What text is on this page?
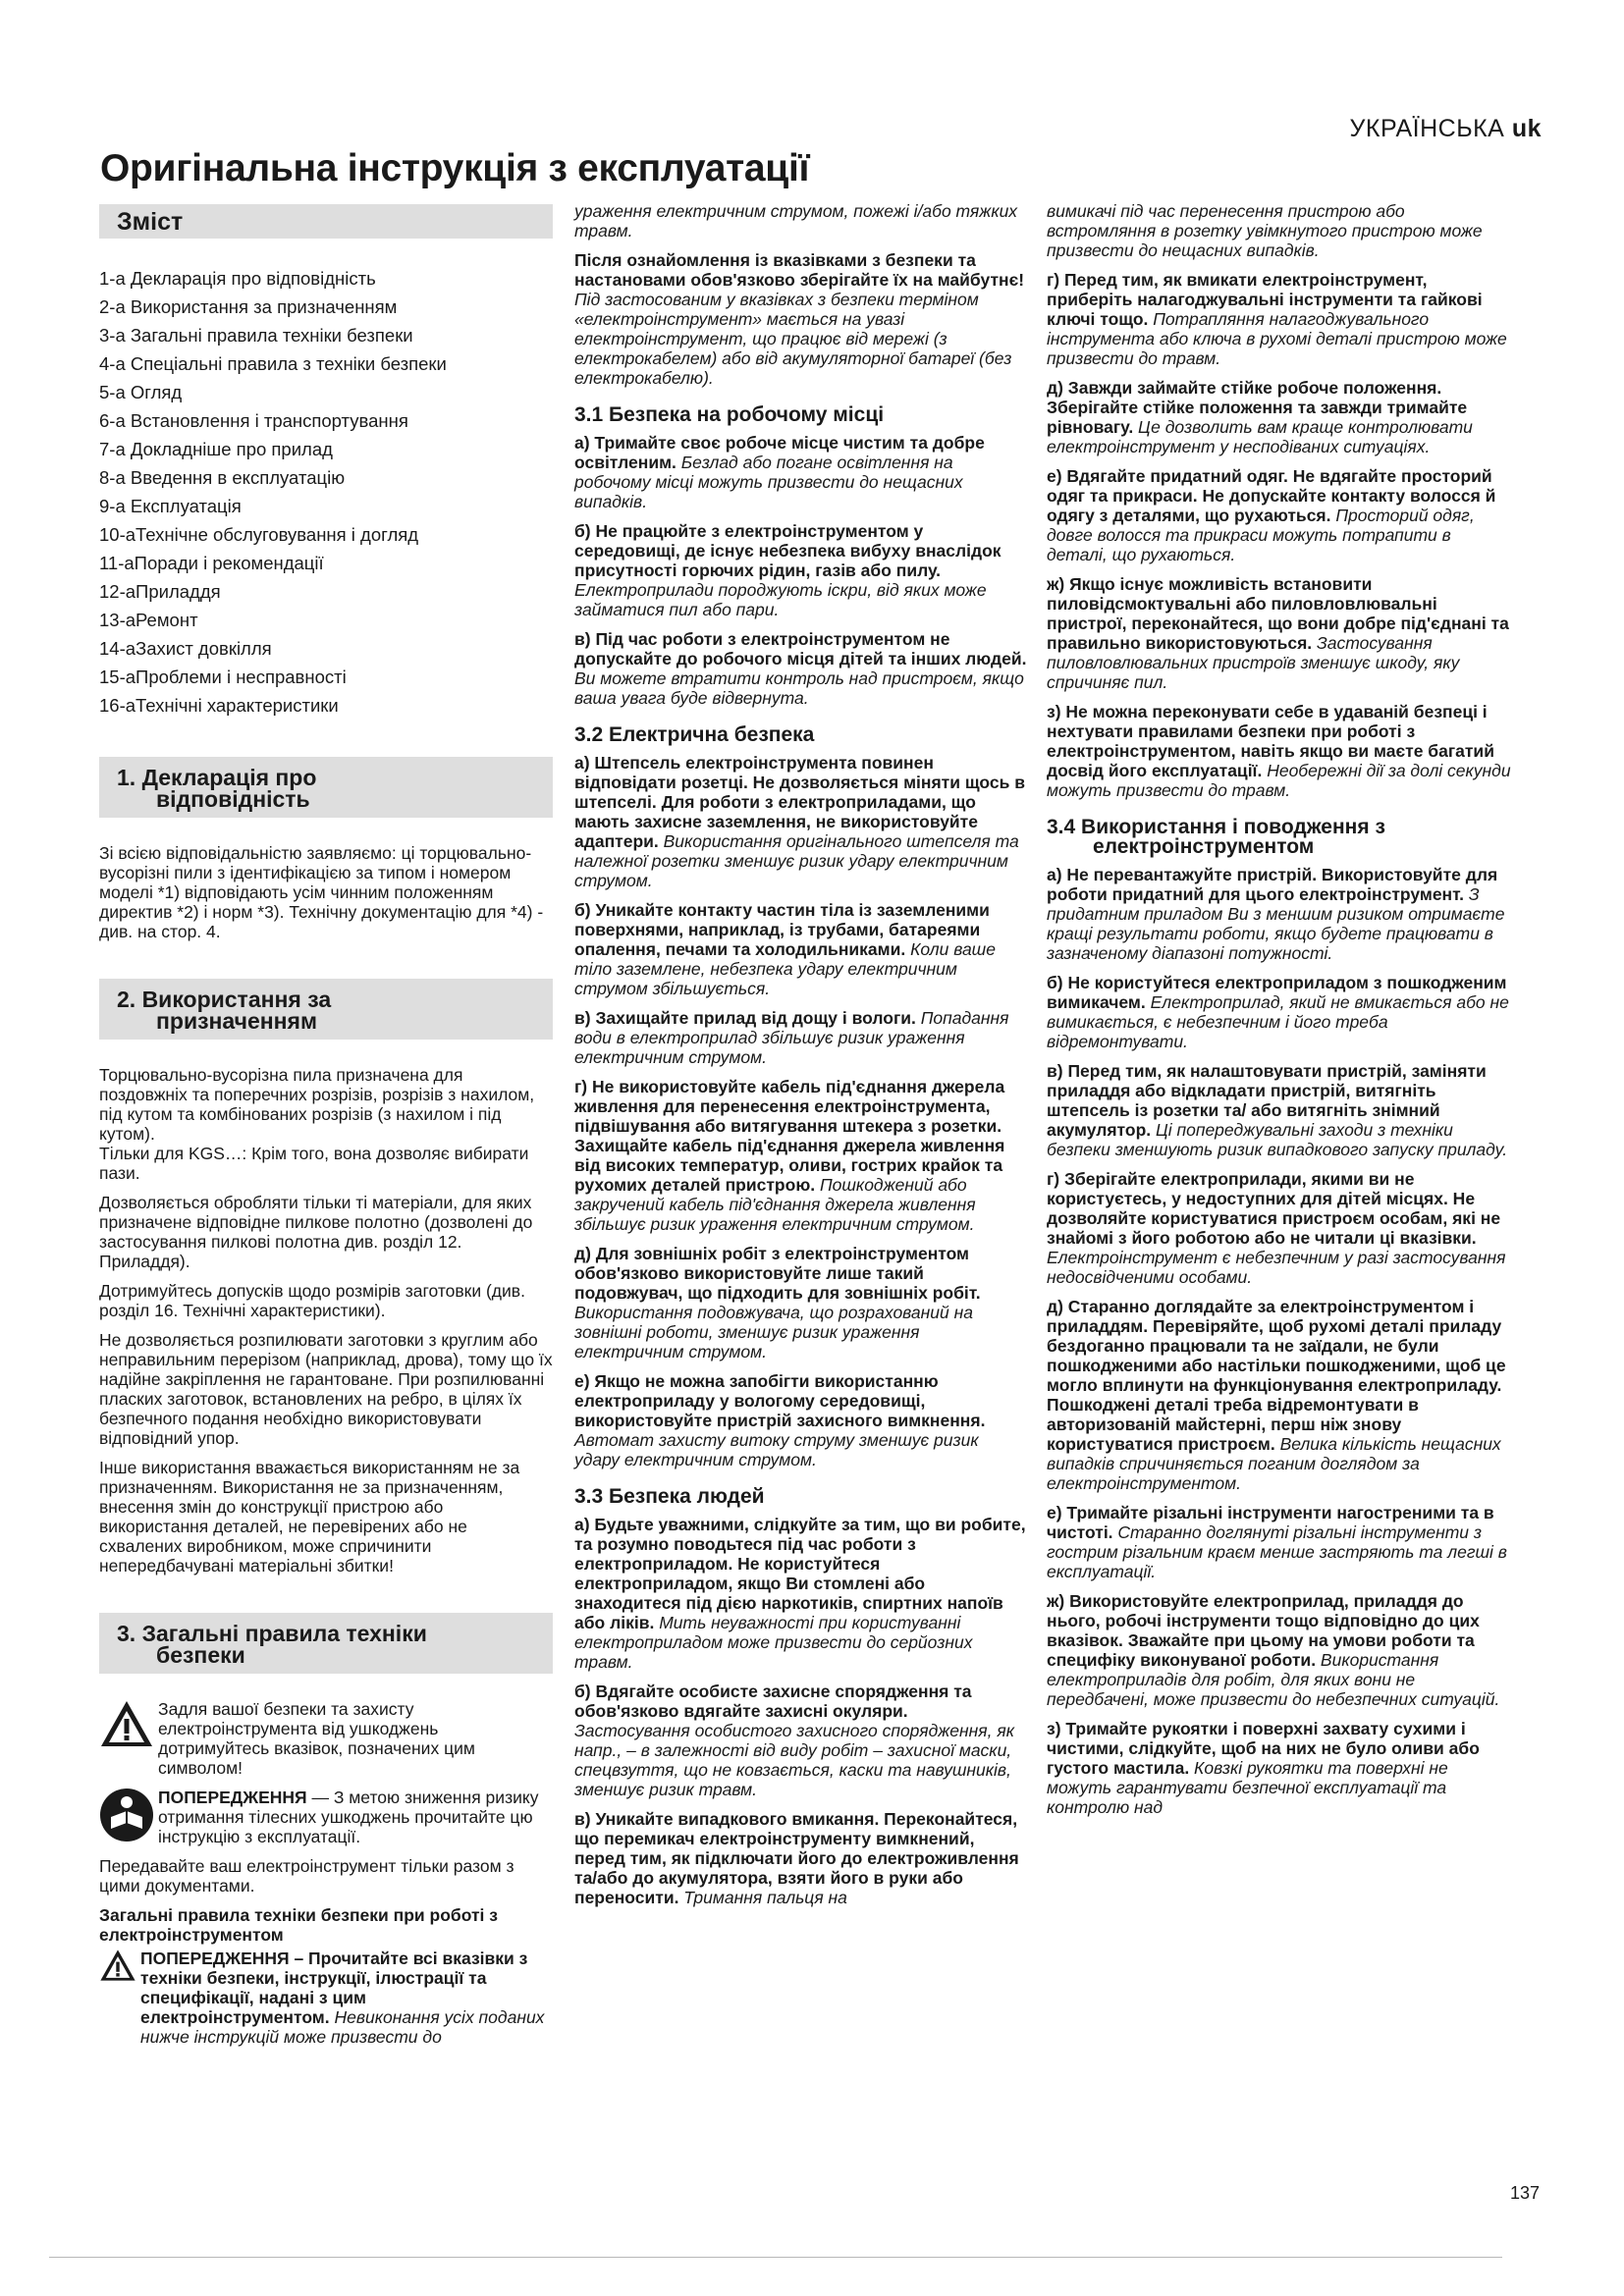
УКРАЇНСЬКА uk
Оригінальна інструкція з експлуатації
Зміст
1-а Декларація про відповідність
2-а Використання за призначенням
3-а Загальні правила техніки безпеки
4-а Спеціальні правила з техніки безпеки
5-а Огляд
6-а Встановлення і транспортування
7-а Докладніше про прилад
8-а Введення в експлуатацію
9-а Експлуатація
10-аТехнічне обслуговування і догляд
11-аПоради і рекомендації
12-аПриладдя
13-аРемонт
14-аЗахист довкілля
15-аПроблеми і несправності
16-аТехнічні характеристики
1. Декларація про
відповідність

Зі всією відповідальністю заявляємо: ці торцювально-вусорізні пили з ідентифікацією за типом і номером моделі *1) відповідають усім чинним положенням директив *2) і норм *3). Технічну документацію для *4) - див. на стор. 4.

2. Використання за
призначенням

Торцювально-вусорізна пила призначена для поздовжніх та поперечних розрізів, розрізів з нахилом, під кутом та комбінованих розрізів (з нахилом і під кутом).
Тільки для KGS…: Крім того, вона дозволяє вибирати пази.

Дозволяється обробляти тільки ті матеріали, для яких призначене відповідне пилкове полотно (дозволені до застосування пилкові полотна див. розділ 12. Приладдя).

Дотримуйтесь допусків щодо розмірів заготовки (див. розділ 16. Технічні характеристики).

Не дозволяється розпилювати заготовки з круглим або неправильним перерізом (наприклад, дрова), тому що їх надійне закріплення не гарантоване. При розпилюванні пласких заготовок, встановлених на ребро, в цілях їх безпечного подання необхідно використовувати відповідний упор.

Інше використання вважається використанням не за призначенням. Використання не за призначенням, внесення змін до конструкції пристрою або використання деталей, не перевірених або не схвалених виробником, може спричинити непередбачувані матеріальні збитки!

3. Загальні правила техніки
безпеки
Задля вашої безпеки та захисту електроінструмента від ушкоджень дотримуйтесь вказівок, позначених цим символом!
ПОПЕРЕДЖЕННЯ — З метою зниження ризику отримання тілесних ушкоджень прочитайте цю інструкцію з експлуатації.

Передавайте ваш електроінструмент тільки разом з цими документами.

Загальні правила техніки безпеки при роботі з електроінструментом

ПОПЕРЕДЖЕННЯ – Прочитайте всі вказівки з техніки безпеки, інструкції, ілюстрації та специфікації, надані з цим електроінструментом. Невиконання усіх поданих нижче інструкцій може призвести до

ураження електричним струмом, пожежі і/або тяжких травм.

Після ознайомлення із вказівками з безпеки та настановами обов'язково зберігайте їх на майбутнє! Під застосованим у вказівках з безпеки терміном «електроінструмент» мається на увазі електроінструмент, що працює від мережі (з електрокабелем) або від акумуляторної батареї (без електрокабелю).

3.1 Безпека на робочому місці

а) Тримайте своє робоче місце чистим та добре освітленим. Безлад або погане освітлення на робочому місці можуть призвести до нещасних випадків.

б) Не працюйте з електроінструментом у середовищі, де існує небезпека вибуху внаслідок присутності горючих рідин, газів або пилу. Електроприлади породжують іскри, від яких може займатися пил або пари.

в) Під час роботи з електроінструментом не допускайте до робочого місця дітей та інших людей. Ви можете втратити контроль над пристроєм, якщо ваша увага буде відвернута.

3.2 Електрична безпека

а) Штепсель електроінструмента повинен відповідати розетці. Не дозволяється міняти щось в штепселі. Для роботи з електроприладами, що мають захисне заземлення, не використовуйте адаптери. Використання оригінального штепселя та належної розетки зменшує ризик удару електричним струмом.

б) Уникайте контакту частин тіла із заземленими поверхнями, наприклад, із трубами, батареями опалення, печами та холодильниками. Коли ваше тіло заземлене, небезпека удару електричним струмом збільшується.

в) Захищайте прилад від дощу і вологи. Попадання води в електроприлад збільшує ризик ураження електричним струмом.

г) Не використовуйте кабель під'єднання джерела живлення для перенесення електроінструмента, підвішування або витягування штекера з розетки. Захищайте кабель під'єднання джерела живлення від високих температур, оливи, гострих крайок та рухомих деталей пристрою. Пошкоджений або закручений кабель під'єднання джерела живлення збільшує ризик ураження електричним струмом.

д) Для зовнішніх робіт з електроінструментом обов'язково використовуйте лише такий подовжувач, що підходить для зовнішніх робіт. Використання подовжувача, що розрахований на зовнішні роботи, зменшує ризик ураження електричним струмом.

е) Якщо не можна запобігти використанню електроприладу у вологому середовищі, використовуйте пристрій захисного вимкнення. Автомат захисту витоку струму зменшує ризик удару електричним струмом.

3.3 Безпека людей

а) Будьте уважними, слідкуйте за тим, що ви робите, та розумно поводьтеся під час роботи з електроприладом. Не користуйтеся електроприладом, якщо Ви стомлені або знаходитеся під дією наркотиків, спиртних напоїв або ліків. Мить неуважності при користуванні електроприладом може призвести до серйозних травм.

б) Вдягайте особисте захисне спорядження та обов'язково вдягайте захисні окуляри. Застосування особистого захисного спорядження, як напр., – в залежності від виду робіт – захисної маски, спецвзуття, що не ковзається, каски та навушників, зменшує ризик травм.

в) Уникайте випадкового вмикання. Переконайтеся, що перемикач електроінструменту вимкнений, перед тим, як підключати його до електроживлення та/або до акумулятора, взяти його в руки або переносити. Тримання пальця на

вимикачі під час перенесення пристрою або встромляння в розетку увімкнутого пристрою може призвести до нещасних випадків.

г) Перед тим, як вмикати електроінструмент, приберіть налагоджувальні інструменти та гайкові ключі тощо. Потрапляння налагоджувального інструмента або ключа в рухомі деталі пристрою може призвести до травм.

д) Завжди займайте стійке робоче положення. Зберігайте стійке положення та завжди тримайте рівновагу. Це дозволить вам краще контролювати електроінструмент у несподіваних ситуаціях.

е) Вдягайте придатний одяг. Не вдягайте просторий одяг та прикраси. Не допускайте контакту волосся й одягу з деталями, що рухаються. Просторий одяг, довге волосся та прикраси можуть потрапити в деталі, що рухаються.

ж) Якщо існує можливість встановити пиловідсмоктувальні або пиловловлювальні пристрої, переконайтеся, що вони добре під'єднані та правильно використовуються. Застосування пиловловлювальних пристроїв зменшує шкоду, яку спричиняє пил.

з) Не можна переконувати себе в удаваній безпеці і нехтувати правилами безпеки при роботі з електроінструментом, навіть якщо ви маєте багатий досвід його експлуатації. Необережні дії за долі секунди можуть призвести до травм.

3.4 Використання і поводження з
електроінструментом

а) Не перевантажуйте пристрій. Використовуйте для роботи придатний для цього електроінструмент. З придатним приладом Ви з меншим ризиком отримаєте кращі результати роботи, якщо будете працювати в зазначеному діапазоні потужності.

б) Не користуйтеся електроприладом з пошкодженим вимикачем. Електроприлад, який не вмикається або не вимикається, є небезпечним і його треба відремонтувати.

в) Перед тим, як налаштовувати пристрій, заміняти приладдя або відкладати пристрій, витягніть штепсель із розетки та/ або витягніть знімний акумулятор. Ці попереджувальні заходи з техніки безпеки зменшують ризик випадкового запуску приладу.

г) Зберігайте електроприлади, якими ви не користуєтесь, у недоступних для дітей місцях. Не дозволяйте користуватися пристроєм особам, які не знайомі з його роботою або не читали ці вказівки. Електроінструмент є небезпечним у разі застосування недосвідченими особами.

д) Старанно доглядайте за електроінструментом і приладдям. Перевіряйте, щоб рухомі деталі приладу бездоганно працювали та не заїдали, не були пошкодженими або настільки пошкодженими, щоб це могло вплинути на функціонування електроприладу. Пошкоджені деталі треба відремонтувати в авторизованій майстерні, перш ніж знову користуватися пристроєм. Велика кількість нещасних випадків спричиняється поганим доглядом за електроінструментом.

е) Тримайте різальні інструменти нагостреними та в чистоті. Старанно доглянуті різальні інструменти з гострим різальним краєм менше застряють та легші в експлуатації.

ж) Використовуйте електроприлад, приладдя до нього, робочі інструменти тощо відповідно до цих вказівок. Зважайте при цьому на умови роботи та специфіку виконуваної роботи. Використання електроприладів для робіт, для яких вони не передбачені, може призвести до небезпечних ситуацій.

з) Тримайте рукоятки і поверхні захвату сухими і чистими, слідкуйте, щоб на них не було оливи або густого мастила. Ковзкі рукоятки та поверхні не можуть гарантувати безпечної експлуатації та контролю над

137
